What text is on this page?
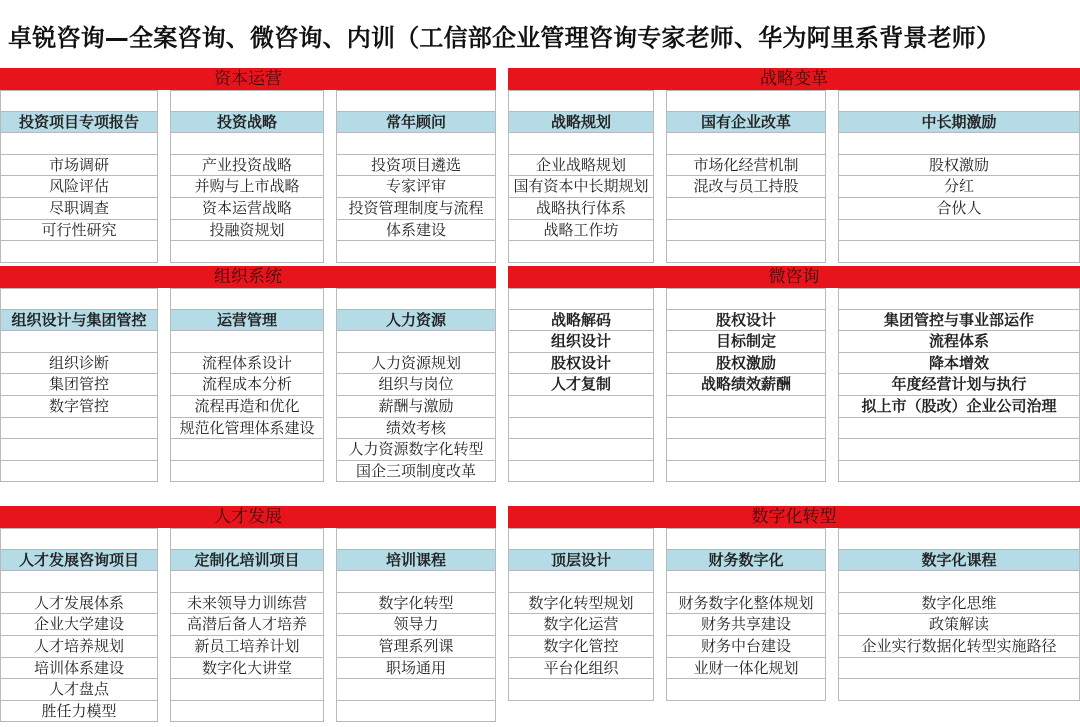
卓锐咨询—全案咨询、微咨询、内训（工信部企业管理咨询专家老师、华为阿里系背景老师）
资本运营
投资项目专项报告
市场调研
风险评估
尽职调查
可行性研究
投资战略
产业投资战略
并购与上市战略
资本运营战略
投融资规划
常年顾问
投资项目遴选
专家评审
投资管理制度与流程
体系建设
战略变革
战略规划
企业战略规划
国有资本中长期规划
战略执行体系
战略工作坊
国有企业改革
市场化经营机制
混改与员工持股
中长期激励
股权激励
分红
合伙人
组织系统
组织设计与集团管控
组织诊断
集团管控
数字管控
运营管理
流程体系设计
流程成本分析
流程再造和优化
规范化管理体系建设
人力资源
人力资源规划
组织与岗位
薪酬与激励
绩效考核
人力资源数字化转型
国企三项制度改革
微咨询
战略解码
组织设计
股权设计
人才复制
股权设计
目标制定
股权激励
战略绩效薪酬
集团管控与事业部运作
流程体系
降本增效
年度经营计划与执行
拟上市（股改）企业公司治理
人才发展
人才发展咨询项目
人才发展体系
企业大学建设
人才培养规划
培训体系建设
人才盘点
胜任力模型
定制化培训项目
未来领导力训练营
高潜后备人才培养
新员工培养计划
数字化大讲堂
培训课程
数字化转型
领导力
管理系列课
职场通用
数字化转型
顶层设计
数字化转型规划
数字化运营
数字化管控
平台化组织
财务数字化
财务数字化整体规划
财务共享建设
财务中台建设
业财一体化规划
数字化课程
数字化思维
政策解读
企业实行数据化转型实施路径
